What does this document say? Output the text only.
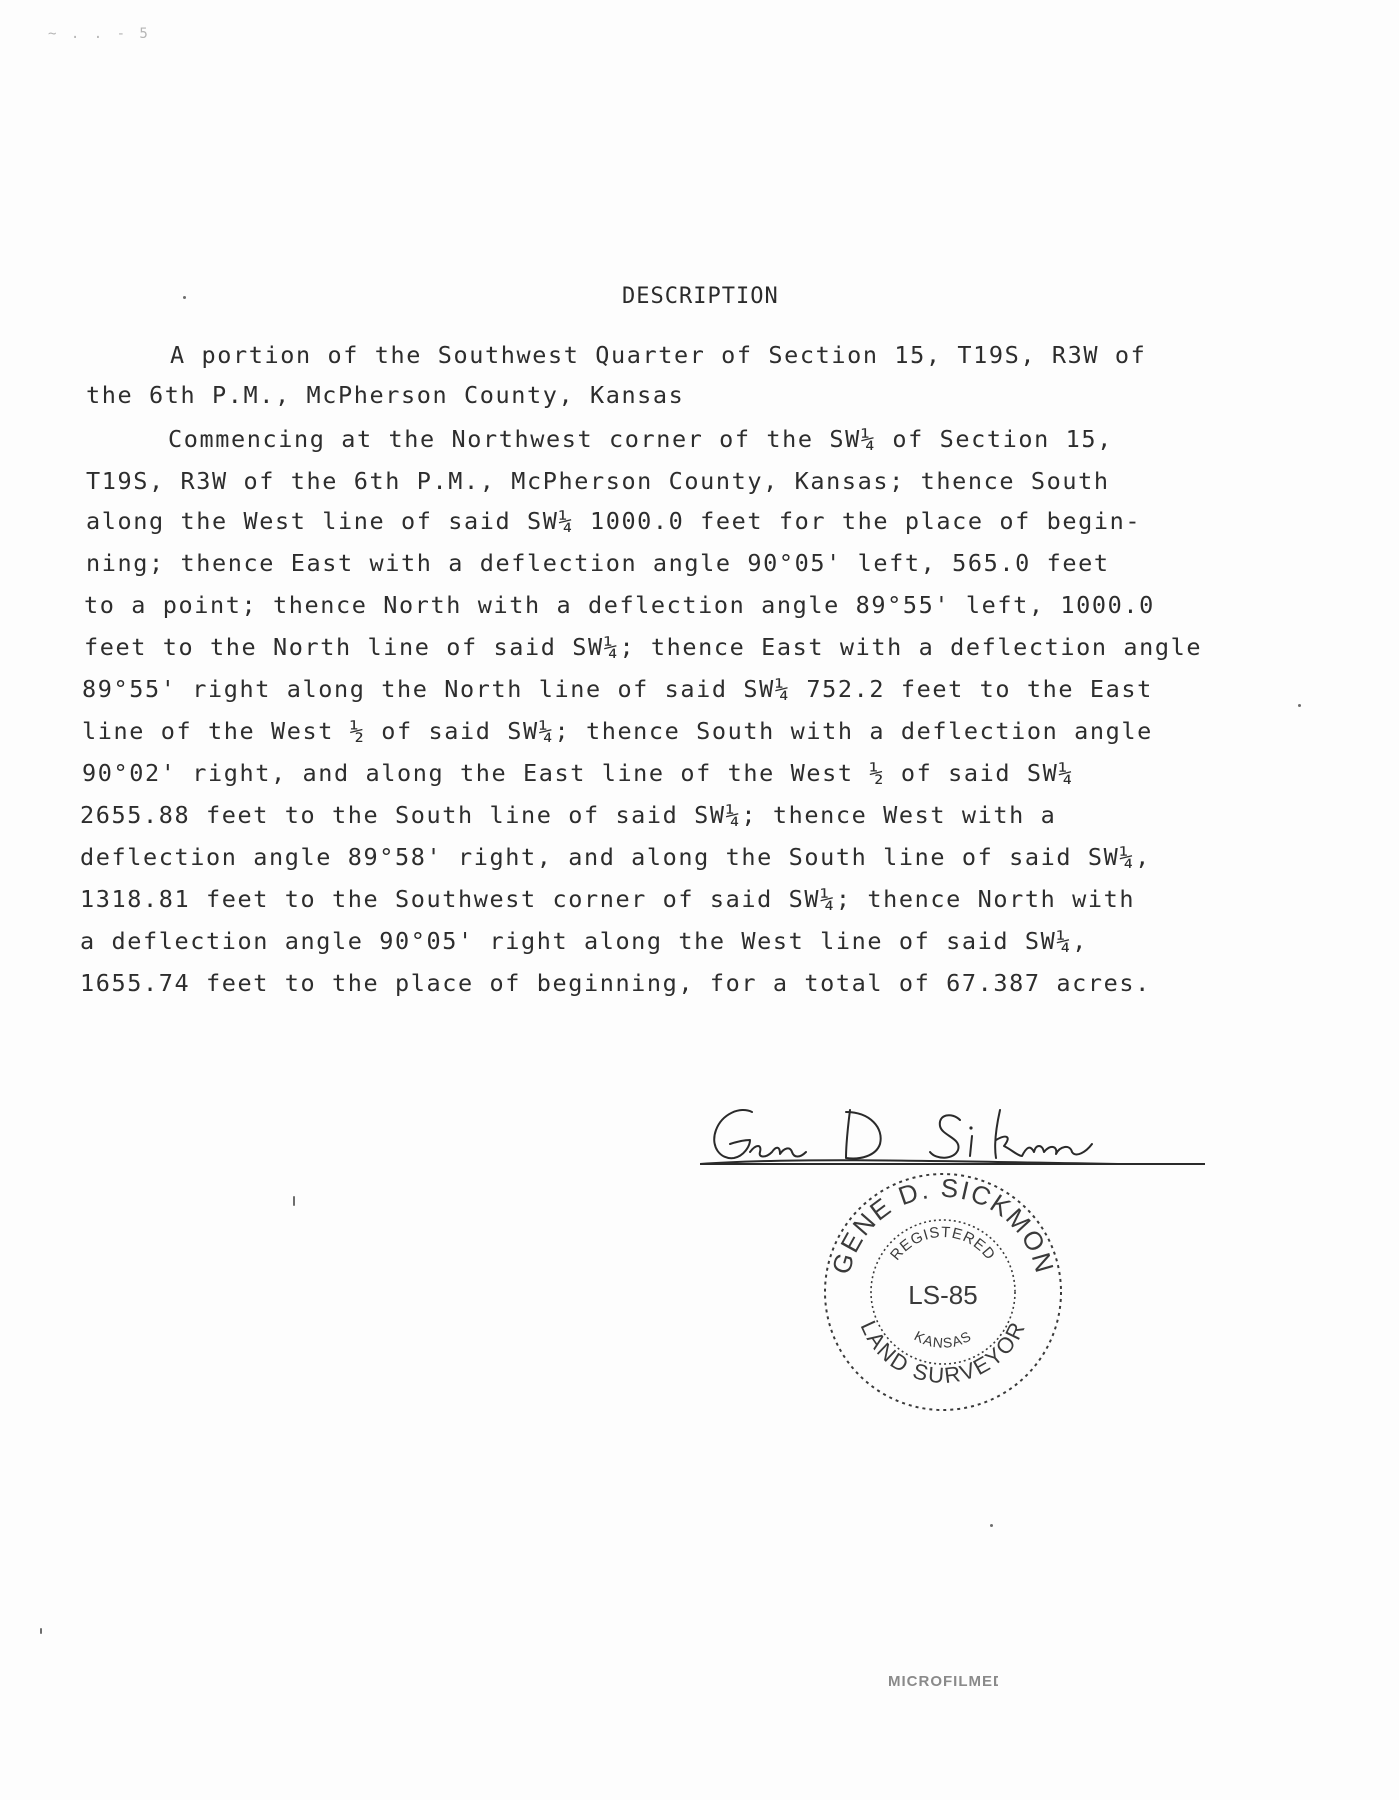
~ . . - 5
DESCRIPTION
A portion of the Southwest Quarter of Section 15, T19S, R3W of
the 6th P.M., McPherson County, Kansas
Commencing at the Northwest corner of the SW¼ of Section 15,
T19S, R3W of the 6th P.M., McPherson County, Kansas; thence South
along the West line of said SW¼ 1000.0 feet for the place of begin-
ning; thence East with a deflection angle 90°05' left, 565.0 feet
to a point; thence North with a deflection angle 89°55' left, 1000.0
feet to the North line of said SW¼; thence East with a deflection angle
89°55' right along the North line of said SW¼ 752.2 feet to the East
line of the West ½ of said SW¼; thence South with a deflection angle
90°02' right, and along the East line of the West ½ of said SW¼
2655.88 feet to the South line of said SW¼; thence West with a
deflection angle 89°58' right, and along the South line of said SW¼,
1318.81 feet to the Southwest corner of said SW¼; thence North with
a deflection angle 90°05' right along the West line of said SW¼,
1655.74 feet to the place of beginning, for a total of 67.387 acres.
GENE D. SICKMON
REGISTERED
LS-85
KANSAS
LAND SURVEYOR
MICROFILMED
